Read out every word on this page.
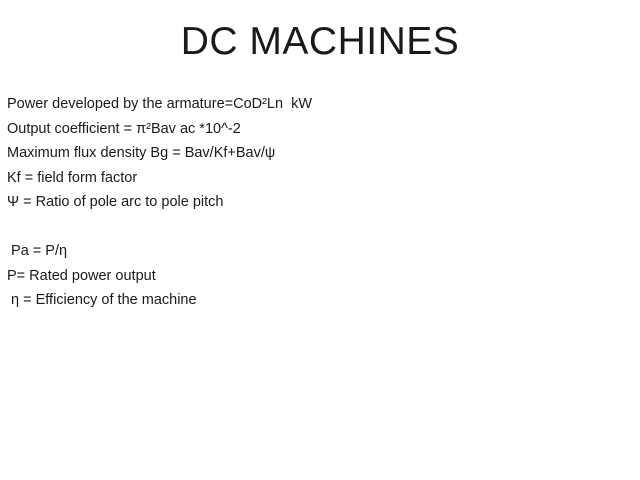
DC MACHINES
Power developed by the armature=CoD²Ln  kW
Output coefficient = π²Bav ac *10^-2
Maximum flux density Bg = Bav/Kf+Bav/ψ
Kf = field form factor
Ψ = Ratio of pole arc to pole pitch
Pa = P/η
P= Rated power output
η = Efficiency of the machine
